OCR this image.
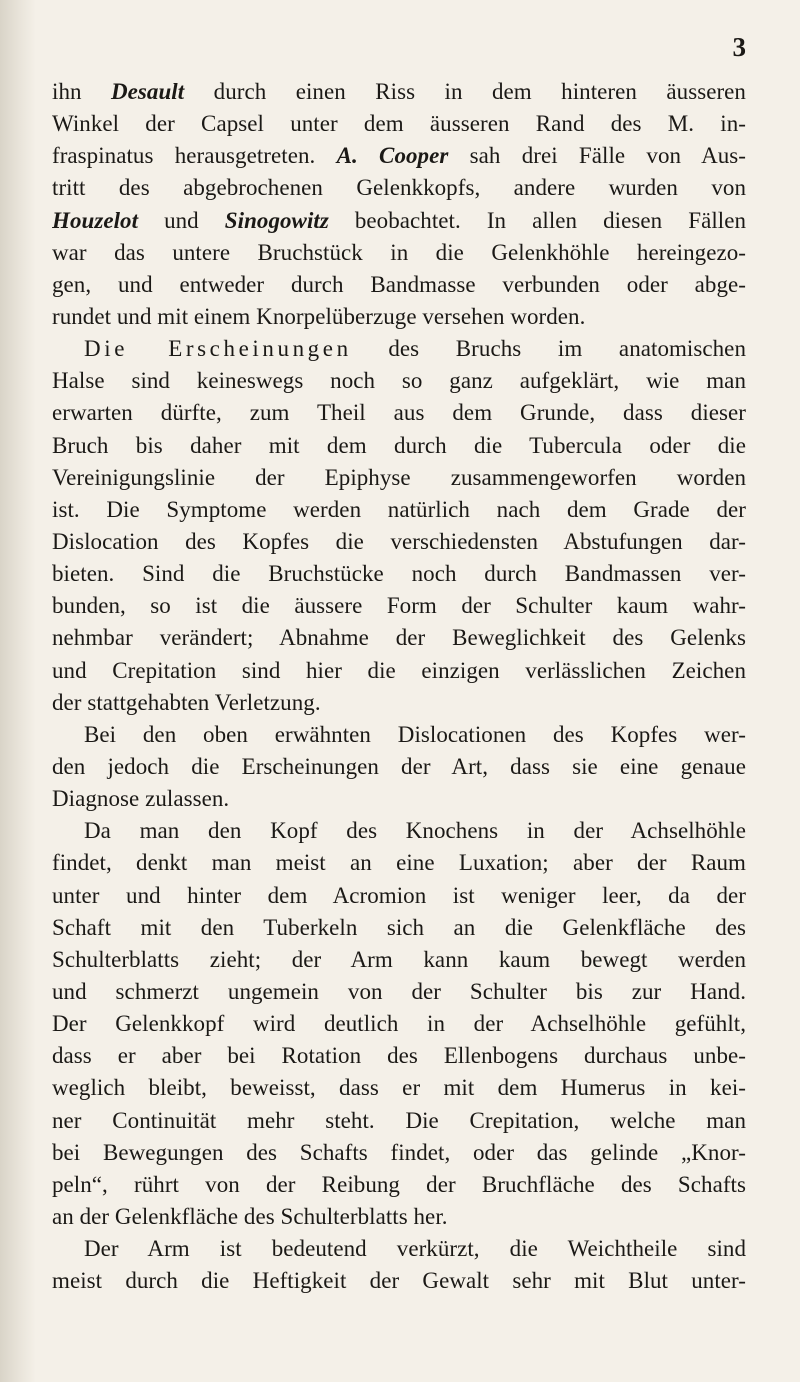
3
ihn Desault durch einen Riss in dem hinteren äusseren
Winkel der Capsel unter dem äusseren Rand des M. in-
fraspinatus herausgetreten. A. Cooper sah drei Fälle von Aus-
tritt des abgebrochenen Gelenkkopfs, andere wurden von
Houzelot und Sinogowitz beobachtet. In allen diesen Fällen
war das untere Bruchstück in die Gelenkhöhle hereingezo-
gen, und entweder durch Bandmasse verbunden oder abge-
rundet und mit einem Knorpelüberzuge versehen worden.
Die Erscheinungen des Bruchs im anatomischen
Halse sind keineswegs noch so ganz aufgeklärt, wie man
erwarten dürfte, zum Theil aus dem Grunde, dass dieser
Bruch bis daher mit dem durch die Tubercula oder die
Vereinigungslinie der Epiphyse zusammengeworfen worden
ist. Die Symptome werden natürlich nach dem Grade der
Dislocation des Kopfes die verschiedensten Abstufungen dar-
bieten. Sind die Bruchstücke noch durch Bandmassen ver-
bunden, so ist die äussere Form der Schulter kaum wahr-
nehmbar verändert; Abnahme der Beweglichkeit des Gelenks
und Crepitation sind hier die einzigen verlässlichen Zeichen
der stattgehabten Verletzung.
Bei den oben erwähnten Dislocationen des Kopfes wer-
den jedoch die Erscheinungen der Art, dass sie eine genaue
Diagnose zulassen.
Da man den Kopf des Knochens in der Achselhöhle
findet, denkt man meist an eine Luxation; aber der Raum
unter und hinter dem Acromion ist weniger leer, da der
Schaft mit den Tuberkeln sich an die Gelenkfläche des
Schulterblatts zieht; der Arm kann kaum bewegt werden
und schmerzt ungemein von der Schulter bis zur Hand.
Der Gelenkkopf wird deutlich in der Achselhöhle gefühlt,
dass er aber bei Rotation des Ellenbogens durchaus unbe-
weglich bleibt, beweisst, dass er mit dem Humerus in kei-
ner Continuität mehr steht. Die Crepitation, welche man
bei Bewegungen des Schafts findet, oder das gelinde „Knor-
peln“, rührt von der Reibung der Bruchfläche des Schafts
an der Gelenkfläche des Schulterblatts her.
Der Arm ist bedeutend verkürzt, die Weichtheile sind
meist durch die Heftigkeit der Gewalt sehr mit Blut unter-
